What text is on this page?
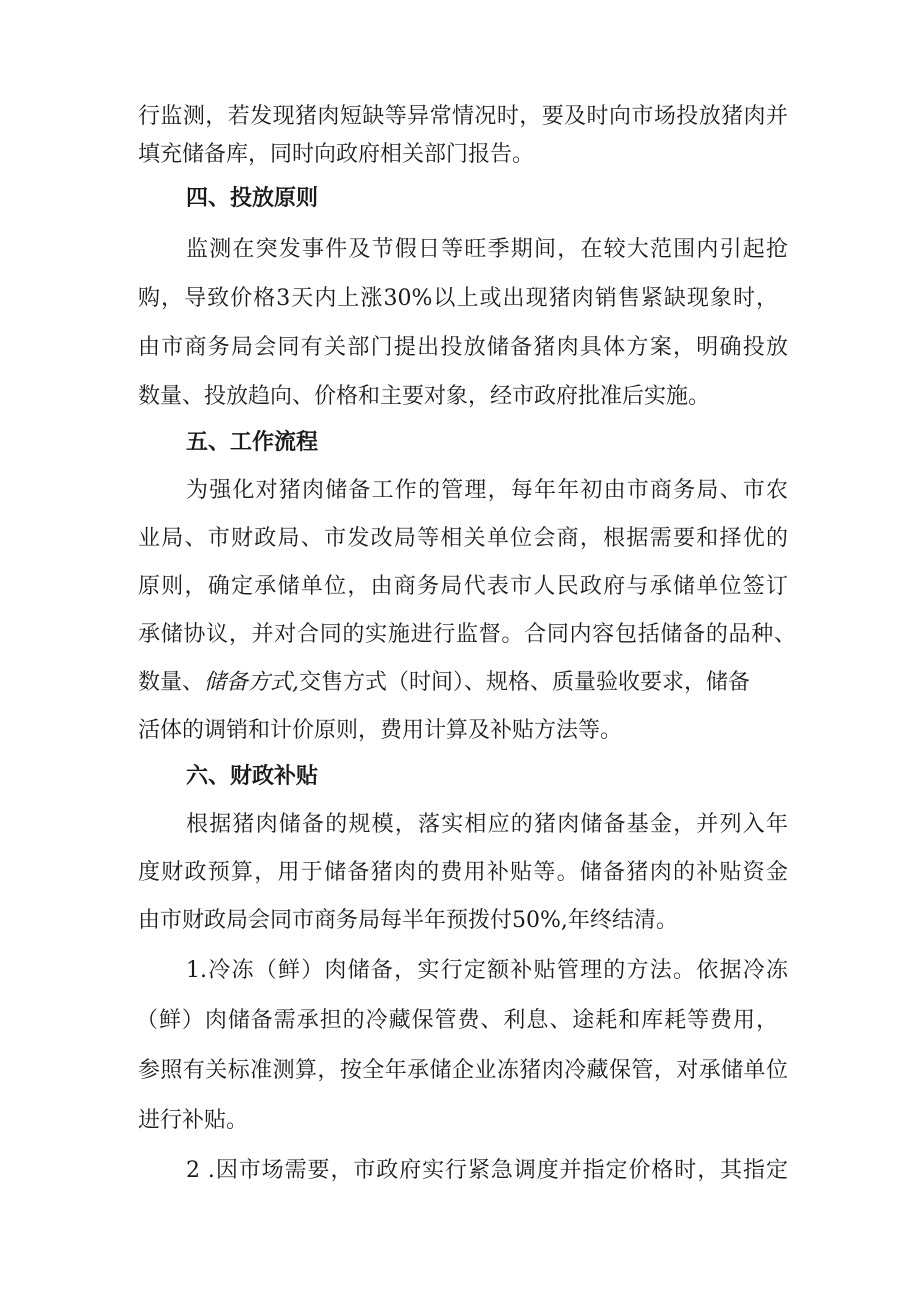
行监测，若发现猪肉短缺等异常情况时，要及时向市场投放猪肉并
填充储备库，同时向政府相关部门报告。
四、投放原则
监测在突发事件及节假日等旺季期间，在较大范围内引起抢
购，导致价格3天内上涨30%以上或出现猪肉销售紧缺现象时，
由市商务局会同有关部门提出投放储备猪肉具体方案，明确投放
数量、投放趋向、价格和主要对象，经市政府批准后实施。
五、工作流程
为强化对猪肉储备工作的管理，每年年初由市商务局、市农
业局、市财政局、市发改局等相关单位会商，根据需要和择优的
原则，确定承储单位，由商务局代表市人民政府与承储单位签订
承储协议，并对合同的实施进行监督。合同内容包括储备的品种、
数量、储备方式,交售方式（时间）、规格、质量验收要求，储备
活体的调销和计价原则，费用计算及补贴方法等。
六、财政补贴
根据猪肉储备的规模，落实相应的猪肉储备基金，并列入年
度财政预算，用于储备猪肉的费用补贴等。储备猪肉的补贴资金
由市财政局会同市商务局每半年预拨付50%,年终结清。
1.冷冻（鲜）肉储备，实行定额补贴管理的方法。依据冷冻
（鲜）肉储备需承担的冷藏保管费、利息、途耗和库耗等费用，
参照有关标准测算，按全年承储企业冻猪肉冷藏保管，对承储单位
进行补贴。
2 .因市场需要，市政府实行紧急调度并指定价格时，其指定
